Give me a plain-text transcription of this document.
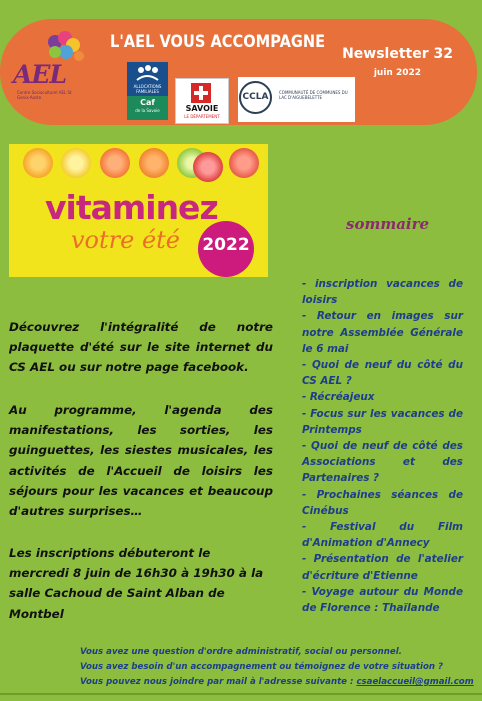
AEL
Centre Socioculturel AEL St Genix-Aoste
L'AEL VOUS ACCOMPAGNE
Newsletter 32
juin 2022
ALLOCATIONS FAMILIALES
Caf
de la Savoie	SAVOIE
LE DÉPARTEMENT
CCLA	COMMUNAUTÉ DE COMMUNES DU LAC D'AIGUEBELETTE
vitaminez
votre été	2022
sommaire
- inscription vacances de loisirs
- Retour en images sur notre Assemblée Générale le 6 mai
- Quoi de neuf du côté du CS AEL ?
- Récréajeux
- Focus sur les vacances de Printemps
- Quoi de neuf de côté des Associations et des Partenaires ?
- Prochaines séances de Cinébus
- Festival du Film d'Animation d'Annecy
- Présentation de l'atelier d'écriture d'Etienne
- Voyage autour du Monde de Florence : Thaïlande
Découvrez l'intégralité de notre plaquette d'été sur le site internet du CS AEL ou sur notre page facebook.
Au programme, l'agenda des manifestations, les sorties, les guinguettes, les siestes musicales, les activités de l'Accueil de loisirs les séjours pour les vacances et beaucoup d'autres surprises…
Les inscriptions débuteront le mercredi 8 juin de 16h30 à 19h30 à la salle Cachoud de Saint Alban de Montbel
Vous avez une question d'ordre administratif, social ou personnel.
Vous avez besoin d'un accompagnement ou témoignez de votre situation ?
Vous pouvez nous joindre par mail à l'adresse suivante : csaelaccueil@gmail.com
